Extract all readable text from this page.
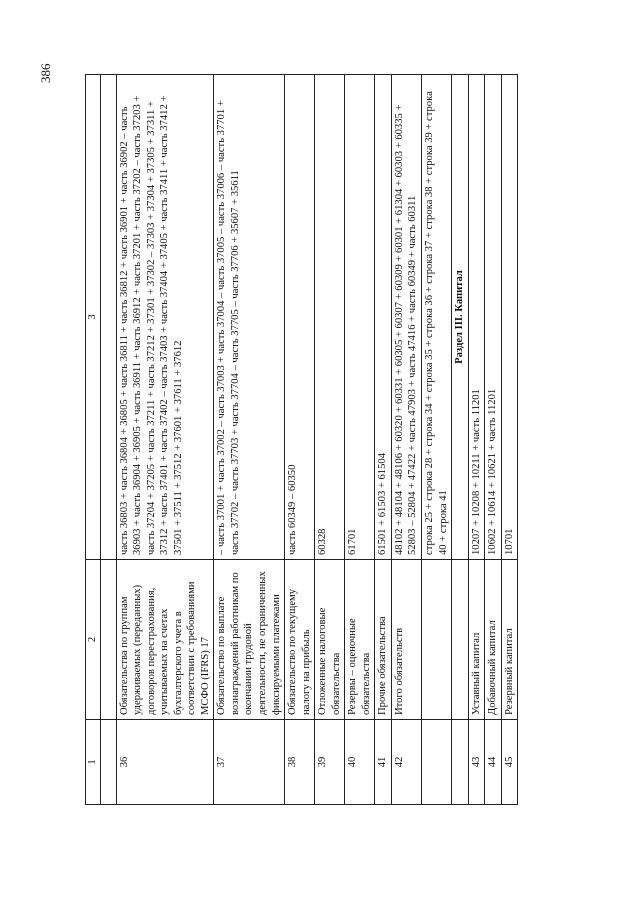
386
1	2	3

36	Обязательства по группам удерживаемых (переданных) договоров перестрахования, учитываемых на счетах бухгалтерского учета в соответствии с требованиями МСФО (IFRS) 17	часть 36803 + часть 36804 + 36805 + часть 36811 + часть 36812 + часть 36901 + часть 36902 – часть 36903 + часть 36904 + 36905 + часть 36911 + часть 36912 + часть 37201 + часть 37202 – часть 37203 + часть 37204 + 37205 + часть 37211 + часть 37212 + 37301 + 37302 – 37303 + 37304 + 37305 + 37311 + 37312 + часть 37401 + часть 37402 – часть 37403 + часть 37404 + 37405 + часть 37411 + часть 37412 + 37501 + 37511 + 37512 + 37601 + 37611 + 37612
37	Обязательство по выплате вознаграждений работникам по окончании трудовой деятельности, не ограниченных фиксируемыми платежами	– часть 37001 + часть 37002 – часть 37003 + часть 37004 – часть 37005 – часть 37006 – часть 37701 + часть 37702 – часть 37703 + часть 37704 – часть 37705 – часть 37706 + 35607 + 35611
38	Обязательство по текущему налогу на прибыль	часть 60349 – 60350
39	Отложенные налоговые обязательства	60328
40	Резервы – оценочные обязательства	61701
41	Прочие обязательства	61501 + 61503 + 61504
42	Итого обязательств	48102 + 48104 + 48106 + 60320 + 60331 + 60305 + 60307 + 60309 + 60301 + 61304 + 60303 + 60335 + 52803 – 52804 + 47422 + часть 47903 + часть 47416 + часть 60349 + часть 60311
		строка 25 + строка 28 + строка 34 + строка 35 + строка 36 + строка 37 + строка 38 + строка 39 + строка 40 + строка 41
		Раздел III. Капитал
43	Уставный капитал	10207 + 10208 + 10211 + часть 11201
44	Добавочный капитал	10602 + 10614 + 10621 + часть 11201
45	Резервный капитал	10701
